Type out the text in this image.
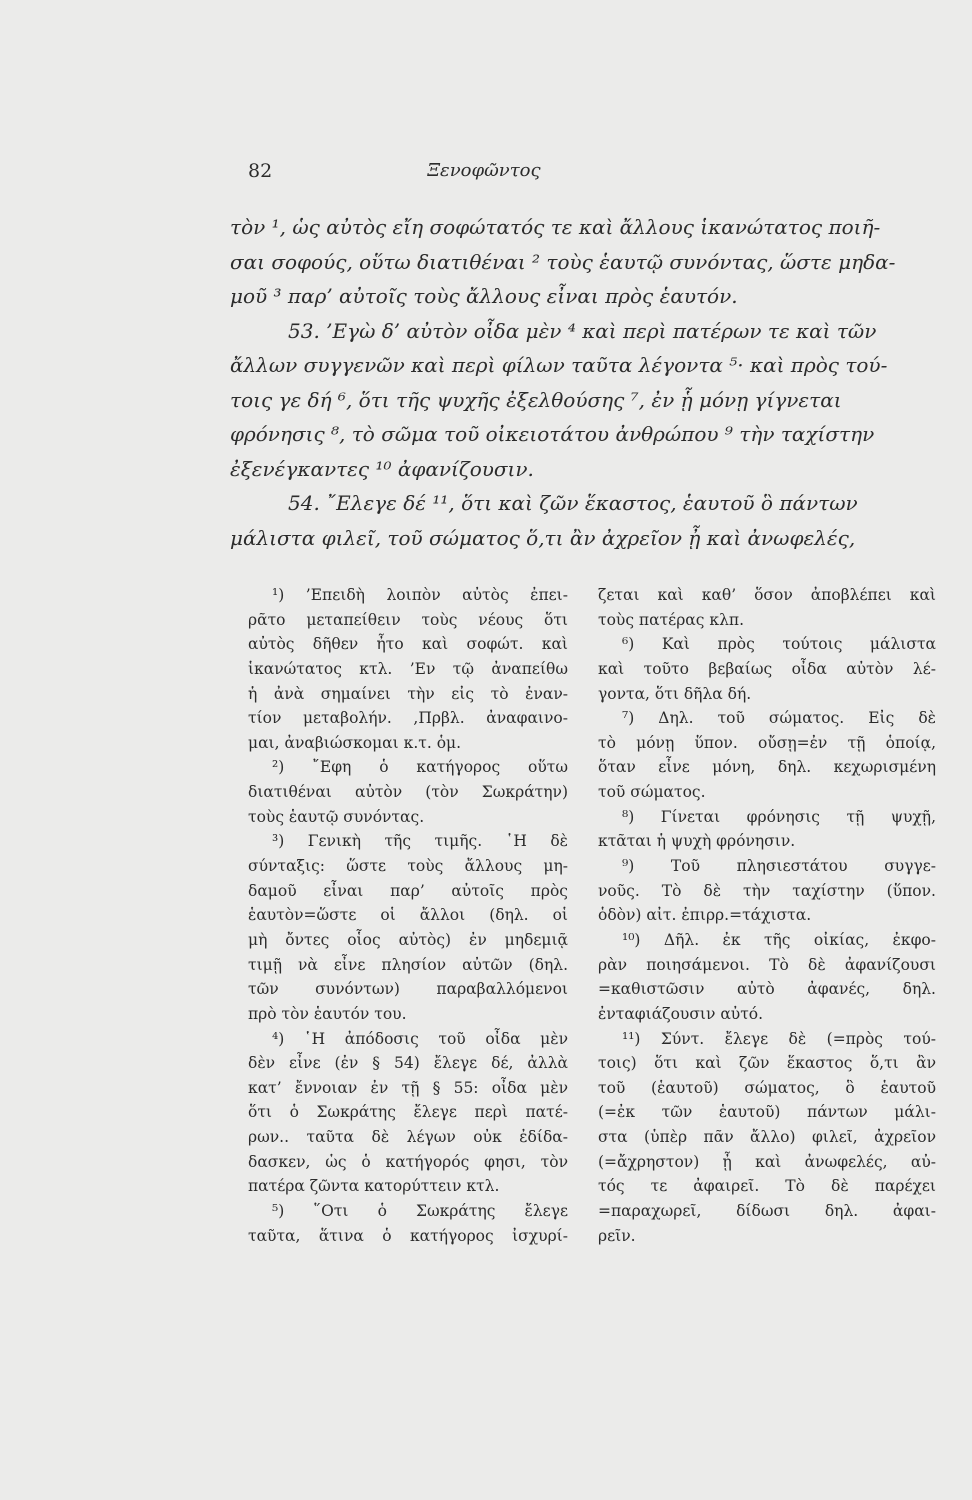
82	Ξενοφῶντος
τὸν ¹, ὡς αὐτὸς εἴη σοφώτατός τε καὶ ἄλλους ἱκανώτατος ποιῆ-
σαι σοφούς, οὕτω διατιθέναι ² τοὺς ἑαυτῷ συνόντας, ὥστε μηδα-
μοῦ ³ παρ’ αὐτοῖς τοὺς ἄλλους εἶναι πρὸς ἑαυτόν.
53. ’Εγὼ δ’ αὐτὸν οἶδα μὲν ⁴ καὶ περὶ πατέρων τε καὶ τῶν
ἄλλων συγγενῶν καὶ περὶ φίλων ταῦτα λέγοντα ⁵· καὶ πρὸς τού-
τοις γε δή ⁶, ὅτι τῆς ψυχῆς ἐξελθούσης ⁷, ἐν ᾗ μόνῃ γίγνεται
φρόνησις ⁸, τὸ σῶμα τοῦ οἰκειοτάτου ἀνθρώπου ⁹ τὴν ταχίστην
ἐξενέγκαντες ¹⁰ ἀφανίζουσιν.
54. ῎Ελεγε δέ ¹¹, ὅτι καὶ ζῶν ἕκαστος, ἑαυτοῦ ὃ πάντων
μάλιστα φιλεῖ, τοῦ σώματος ὅ,τι ἂν ἀχρεῖον ᾖ καὶ ἀνωφελές,
¹) ’Επειδὴ λοιπὸν αὐτὸς ἐπει-
ρᾶτο μεταπείθειν τοὺς νέους ὅτι
αὐτὸς δῆθεν ἦτο καὶ σοφώτ. καὶ
ἱκανώτατος κτλ. ’Εν τῷ ἀναπείθω
ἡ ἀνὰ σημαίνει τὴν εἰς τὸ ἐναν-
τίον μεταβολήν. ,Πρβλ. ἀναφαινο-
μαι, ἀναβιώσκομαι κ.τ. ὁμ.
²) ῎Εφη ὁ κατήγορος οὕτω
διατιθέναι αὐτὸν (τὸν Σωκράτην)
τοὺς ἑαυτῷ συνόντας.
³) Γενικὴ τῆς τιμῆς. ῾Η δὲ
σύνταξις: ὥστε τοὺς ἄλλους μη-
δαμοῦ εἶναι παρ’ αὐτοῖς πρὸς
ἑαυτὸν=ὥστε οἱ ἄλλοι (δηλ. οἱ
μὴ ὄντες οἷος αὐτὸς) ἐν μηδεμιᾷ
τιμῇ νὰ εἶνε πλησίον αὐτῶν (δηλ.
τῶν συνόντων) παραβαλλόμενοι
πρὸ τὸν ἑαυτόν του.
⁴) ῾Η ἀπόδοσις τοῦ οἶδα μὲν
δὲν εἶνε (ἐν § 54) ἔλεγε δέ, ἀλλὰ
κατ’ ἔννοιαν ἐν τῇ § 55: οἶδα μὲν
ὅτι ὁ Σωκράτης ἔλεγε περὶ πατέ-
ρων.. ταῦτα δὲ λέγων οὐκ ἐδίδα-
δασκεν, ὡς ὁ κατήγορός φησι, τὸν
πατέρα ζῶντα κατορύττειν κτλ.
⁵) ῞Οτι ὁ Σωκράτης ἔλεγε
ταῦτα, ἅτινα ὁ κατήγορος ἰσχυρί-
ζεται καὶ καθ’ ὅσον ἀποβλέπει καὶ
τοὺς πατέρας κλπ.
⁶) Καὶ πρὸς τούτοις μάλιστα
καὶ τοῦτο βεβαίως οἶδα αὐτὸν λέ-
γοντα, ὅτι δῆλα δή.
⁷) Δηλ. τοῦ σώματος. Εἰς δὲ
τὸ μόνῃ ὕπον. οὔσῃ=ἐν τῇ ὁποίᾳ,
ὅταν εἶνε μόνη, δηλ. κεχωρισμένη
τοῦ σώματος.
⁸) Γίνεται φρόνησις τῇ ψυχῇ,
κτᾶται ἡ ψυχὴ φρόνησιν.
⁹) Τοῦ πλησιεστάτου συγγε-
νοῦς. Τὸ δὲ τὴν ταχίστην (ὕπον.
ὁδὸν) αἰτ. ἐπιρρ.=τάχιστα.
¹⁰) Δῆλ. ἐκ τῆς οἰκίας, ἐκφο-
ρὰν ποιησάμενοι. Τὸ δὲ ἀφανίζουσι
=καθιστῶσιν αὐτὸ ἀφανές, δηλ.
ἐνταφιάζουσιν αὐτό.
¹¹) Σύντ. ἔλεγε δὲ (=πρὸς τού-
τοις) ὅτι καὶ ζῶν ἕκαστος ὅ,τι ἂν
τοῦ (ἑαυτοῦ) σώματος, ὃ ἑαυτοῦ
(=ἐκ τῶν ἑαυτοῦ) πάντων μάλι-
στα (ὑπὲρ πᾶν ἄλλο) φιλεῖ, ἀχρεῖον
(=ἄχρηστον) ᾖ καὶ ἀνωφελές, αὐ-
τός τε ἀφαιρεῖ. Τὸ δὲ παρέχει
=παραχωρεῖ, δίδωσι δηλ. ἀφαι-
ρεῖν.
